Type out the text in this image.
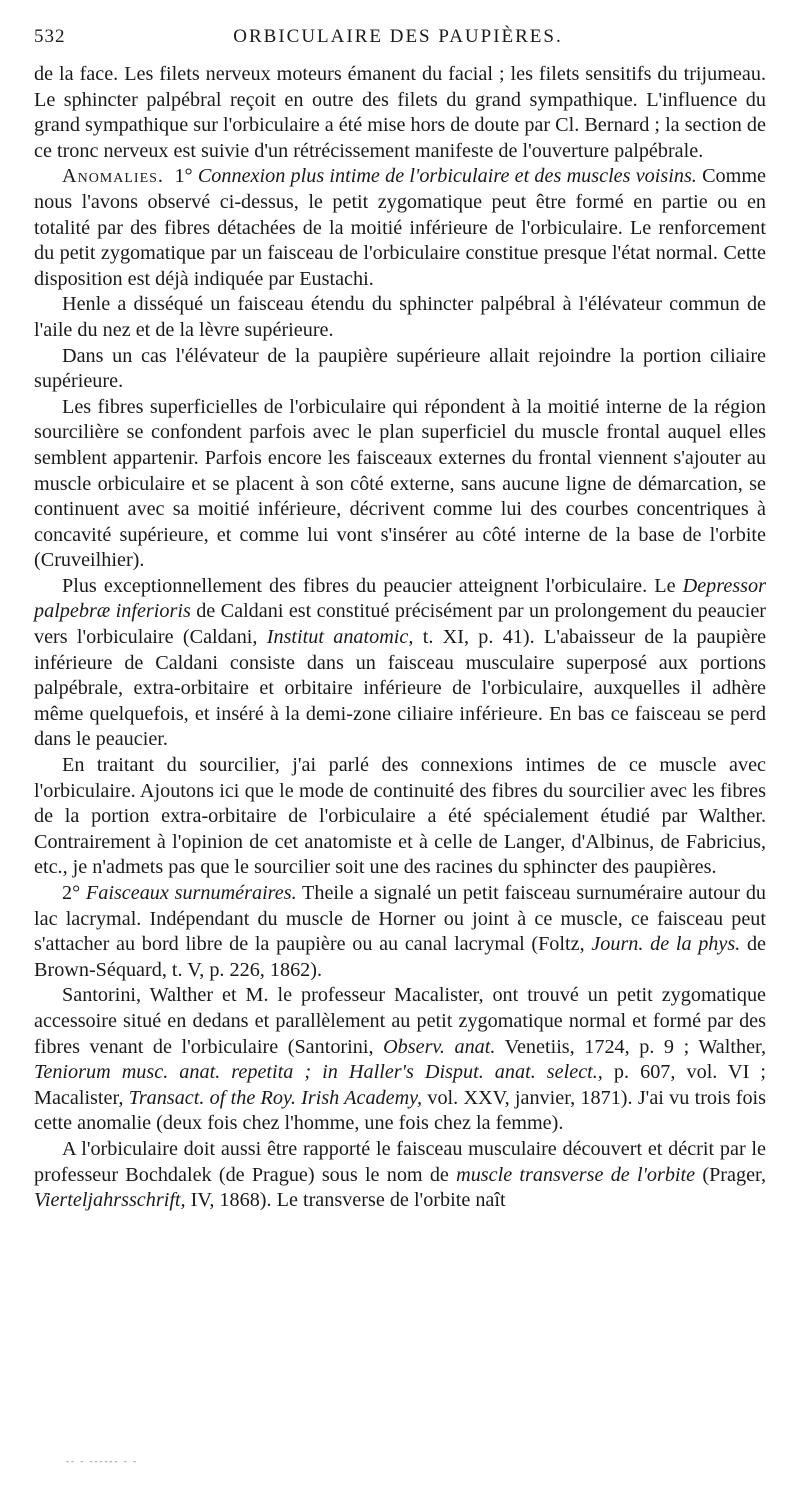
532	ORBICULAIRE DES PAUPIÈRES.

de la face. Les filets nerveux moteurs émanent du facial ; les filets sensitifs du trijumeau. Le sphincter palpébral reçoit en outre des filets du grand sympathique. L'influence du grand sympathique sur l'orbiculaire a été mise hors de doute par Cl. Bernard ; la section de ce tronc nerveux est suivie d'un rétrécissement manifeste de l'ouverture palpébrale.

Anomalies. 1° Connexion plus intime de l'orbiculaire et des muscles voisins. Comme nous l'avons observé ci-dessus, le petit zygomatique peut être formé en partie ou en totalité par des fibres détachées de la moitié inférieure de l'orbiculaire. Le renforcement du petit zygomatique par un faisceau de l'orbiculaire constitue presque l'état normal. Cette disposition est déjà indiquée par Eustachi.

Henle a disséqué un faisceau étendu du sphincter palpébral à l'élévateur commun de l'aile du nez et de la lèvre supérieure.

Dans un cas l'élévateur de la paupière supérieure allait rejoindre la portion ciliaire supérieure.

Les fibres superficielles de l'orbiculaire qui répondent à la moitié interne de la région sourcilière se confondent parfois avec le plan superficiel du muscle frontal auquel elles semblent appartenir. Parfois encore les faisceaux externes du frontal viennent s'ajouter au muscle orbiculaire et se placent à son côté externe, sans aucune ligne de démarcation, se continuent avec sa moitié inférieure, décrivent comme lui des courbes concentriques à concavité supérieure, et comme lui vont s'insérer au côté interne de la base de l'orbite (Cruveilhier).

Plus exceptionnellement des fibres du peaucier atteignent l'orbiculaire. Le Depressor palpebræ inferioris de Caldani est constitué précisément par un prolongement du peaucier vers l'orbiculaire (Caldani, Institut anatomic, t. XI, p. 41). L'abaisseur de la paupière inférieure de Caldani consiste dans un faisceau musculaire superposé aux portions palpébrale, extra-orbitaire et orbitaire inférieure de l'orbiculaire, auxquelles il adhère même quelquefois, et inséré à la demi-zone ciliaire inférieure. En bas ce faisceau se perd dans le peaucier.

En traitant du sourcilier, j'ai parlé des connexions intimes de ce muscle avec l'orbiculaire. Ajoutons ici que le mode de continuité des fibres du sourcilier avec les fibres de la portion extra-orbitaire de l'orbiculaire a été spécialement étudié par Walther. Contrairement à l'opinion de cet anatomiste et à celle de Langer, d'Albinus, de Fabricius, etc., je n'admets pas que le sourcilier soit une des racines du sphincter des paupières.

2° Faisceaux surnuméraires. Theile a signalé un petit faisceau surnuméraire autour du lac lacrymal. Indépendant du muscle de Horner ou joint à ce muscle, ce faisceau peut s'attacher au bord libre de la paupière ou au canal lacrymal (Foltz, Journ. de la phys. de Brown-Séquard, t. V, p. 226, 1862).

Santorini, Walther et M. le professeur Macalister, ont trouvé un petit zygomatique accessoire situé en dedans et parallèlement au petit zygomatique normal et formé par des fibres venant de l'orbiculaire (Santorini, Observ. anat. Venetiis, 1724, p. 9 ; Walther, Teniorum musc. anat. repetita ; in Haller's Disput. anat. select., p. 607, vol. VI ; Macalister, Transact. of the Roy. Irish Academy, vol. XXV, janvier, 1871). J'ai vu trois fois cette anomalie (deux fois chez l'homme, une fois chez la femme).

A l'orbiculaire doit aussi être rapporté le faisceau musculaire découvert et décrit par le professeur Bochdalek (de Prague) sous le nom de muscle transverse de l'orbite (Prager, Vierteljahrsschrift, IV, 1868). Le transverse de l'orbite naît

-- - ------ - -
